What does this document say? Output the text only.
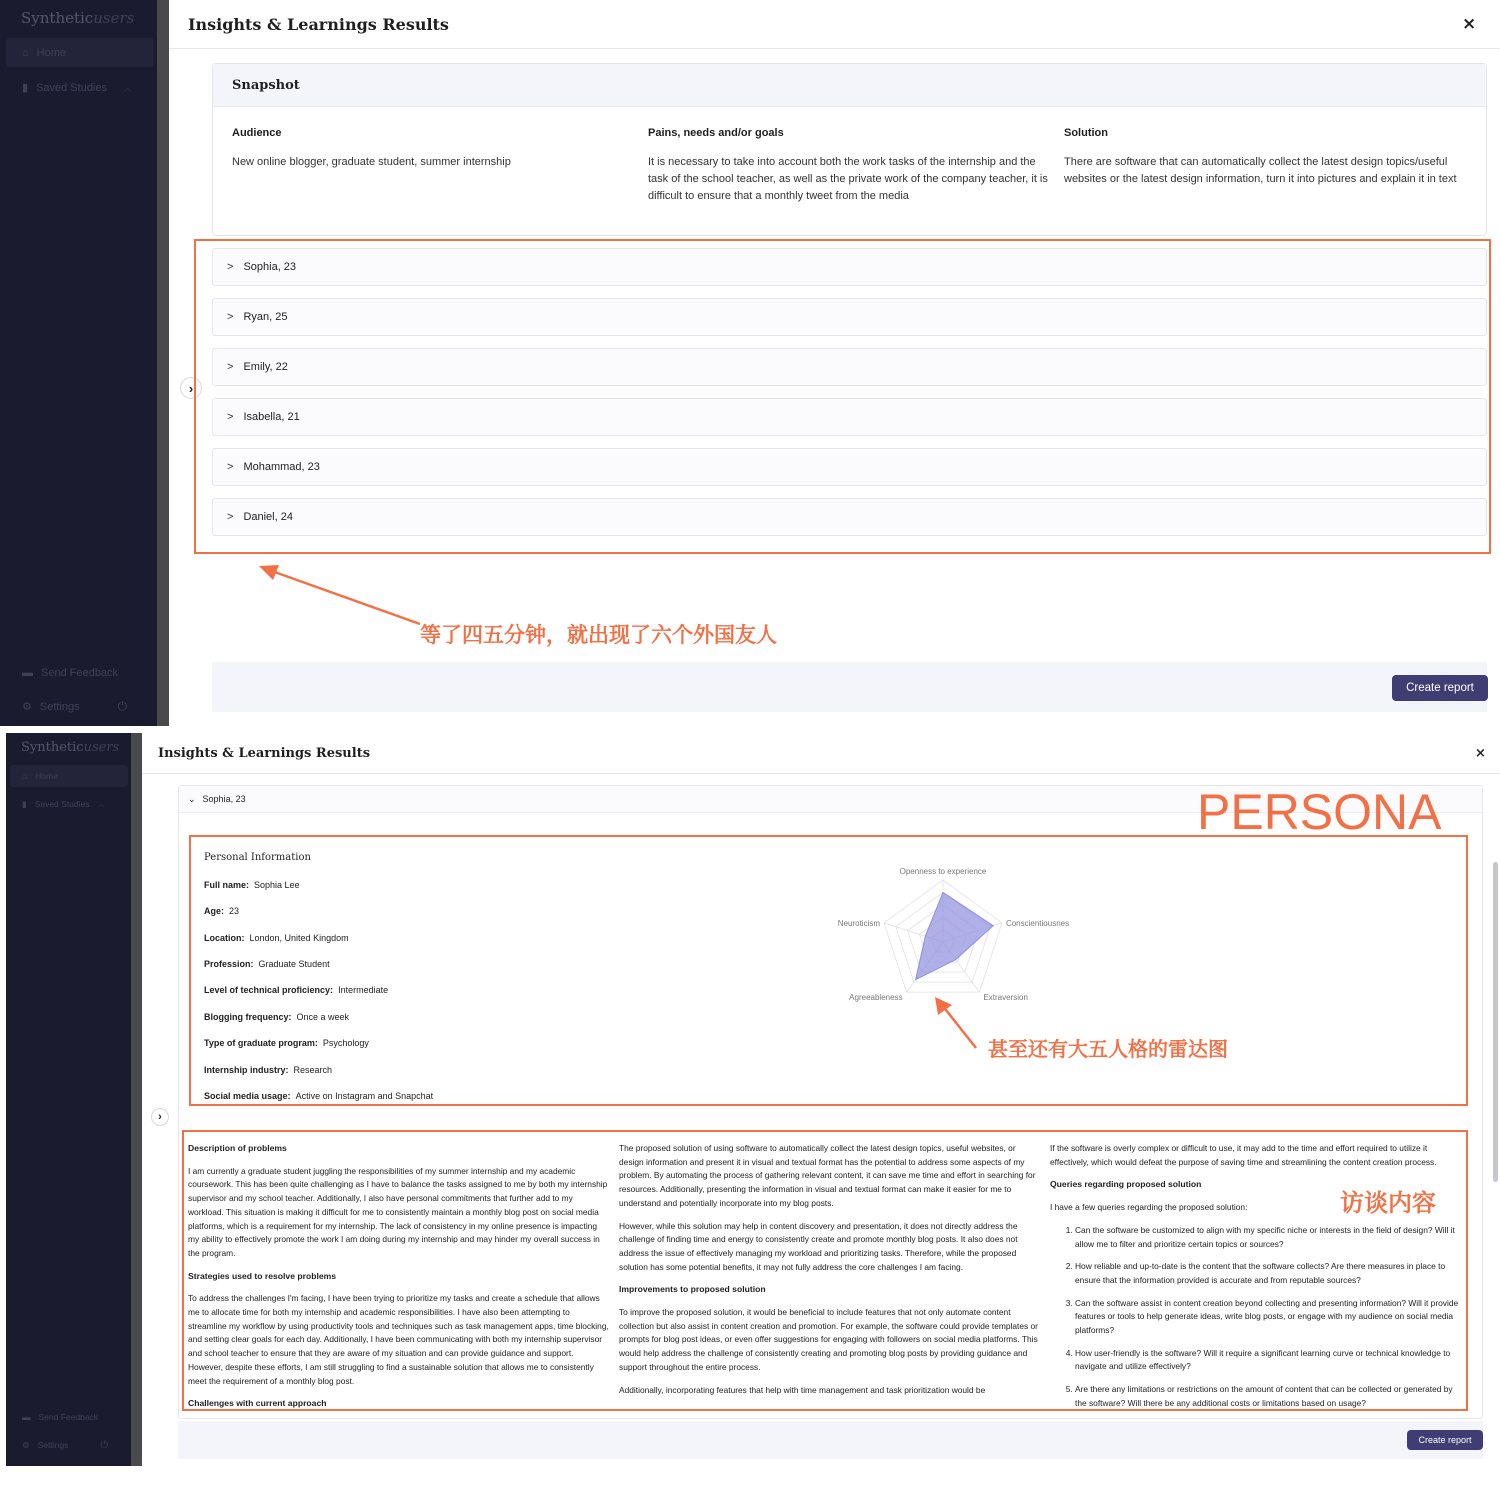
Syntheticusers
⌂ Home
▮ Saved Studies ︿
▬ Send Feedback
⚙ Settings	⏻
Insights & Learnings Results	×
Snapshot
Audience

New online blogger, graduate student, summer internship

Pains, needs and/or goals

It is necessary to take into account both the work tasks of the internship and the task of the school teacher, as well as the private work of the company teacher, it is difficult to ensure that a monthly tweet from the media

Solution

There are software that can automatically collect the latest design topics/useful websites or the latest design information, turn it into pictures and explain it in text

> Sophia, 23
> Ryan, 25
> Emily, 22
> Isabella, 21
> Mohammad, 23
> Daniel, 24
›
等了四五分钟，就出现了六个外国友人
Create report
Syntheticusers
⌂ Home
▮ Saved Studies ︿
▬ Send Feedback
⚙ Settings	⏻
Insights & Learnings Results	×
⌄ Sophia, 23	PERSONA
Personal Information
Full name: Sophia Lee
Age: 23
Location: London, United Kingdom
Profession: Graduate Student
Level of technical proficiency: Intermediate
Blogging frequency: Once a week
Type of graduate program: Psychology
Internship industry: Research
Social media usage: Active on Instagram and Snapchat
Openness to experience
Conscientiousnes
Extraversion
Agreeableness
Neuroticism
甚至还有大五人格的雷达图
›
Description of problems

I am currently a graduate student juggling the responsibilities of my summer internship and my academic coursework. This has been quite challenging as I have to balance the tasks assigned to me by both my internship supervisor and my school teacher. Additionally, I also have personal commitments that further add to my workload. This situation is making it difficult for me to consistently maintain a monthly blog post on social media platforms, which is a requirement for my internship. The lack of consistency in my online presence is impacting my ability to effectively promote the work I am doing during my internship and may hinder my overall success in the program.

Strategies used to resolve problems

To address the challenges I'm facing, I have been trying to prioritize my tasks and create a schedule that allows me to allocate time for both my internship and academic responsibilities. I have also been attempting to streamline my workflow by using productivity tools and techniques such as task management apps, time blocking, and setting clear goals for each day. Additionally, I have been communicating with both my internship supervisor and school teacher to ensure that they are aware of my situation and can provide guidance and support. However, despite these efforts, I am still struggling to find a sustainable solution that allows me to consistently meet the requirement of a monthly blog post.

Challenges with current approach

The proposed solution of using software to automatically collect the latest design topics, useful websites, or design information and present it in visual and textual format has the potential to address some aspects of my problem. By automating the process of gathering relevant content, it can save me time and effort in searching for resources. Additionally, presenting the information in visual and textual format can make it easier for me to understand and potentially incorporate into my blog posts.

However, while this solution may help in content discovery and presentation, it does not directly address the challenge of finding time and energy to consistently create and promote monthly blog posts. It also does not address the issue of effectively managing my workload and prioritizing tasks. Therefore, while the proposed solution has some potential benefits, it may not fully address the core challenges I am facing.

Improvements to proposed solution

To improve the proposed solution, it would be beneficial to include features that not only automate content collection but also assist in content creation and promotion. For example, the software could provide templates or prompts for blog post ideas, or even offer suggestions for engaging with followers on social media platforms. This would help address the challenge of consistently creating and promoting blog posts by providing guidance and support throughout the entire process.

Additionally, incorporating features that help with time management and task prioritization would be

If the software is overly complex or difficult to use, it may add to the time and effort required to utilize it effectively, which would defeat the purpose of saving time and streamlining the content creation process.

Queries regarding proposed solution

I have a few queries regarding the proposed solution:

1. Can the software be customized to align with my specific niche or interests in the field of design? Will it allow me to filter and prioritize certain topics or sources?
2. How reliable and up-to-date is the content that the software collects? Are there measures in place to ensure that the information provided is accurate and from reputable sources?
3. Can the software assist in content creation beyond collecting and presenting information? Will it provide features or tools to help generate ideas, write blog posts, or engage with my audience on social media platforms?
4. How user-friendly is the software? Will it require a significant learning curve or technical knowledge to navigate and utilize effectively?
5. Are there any limitations or restrictions on the amount of content that can be collected or generated by the software? Will there be any additional costs or limitations based on usage?
访谈内容
Create report
